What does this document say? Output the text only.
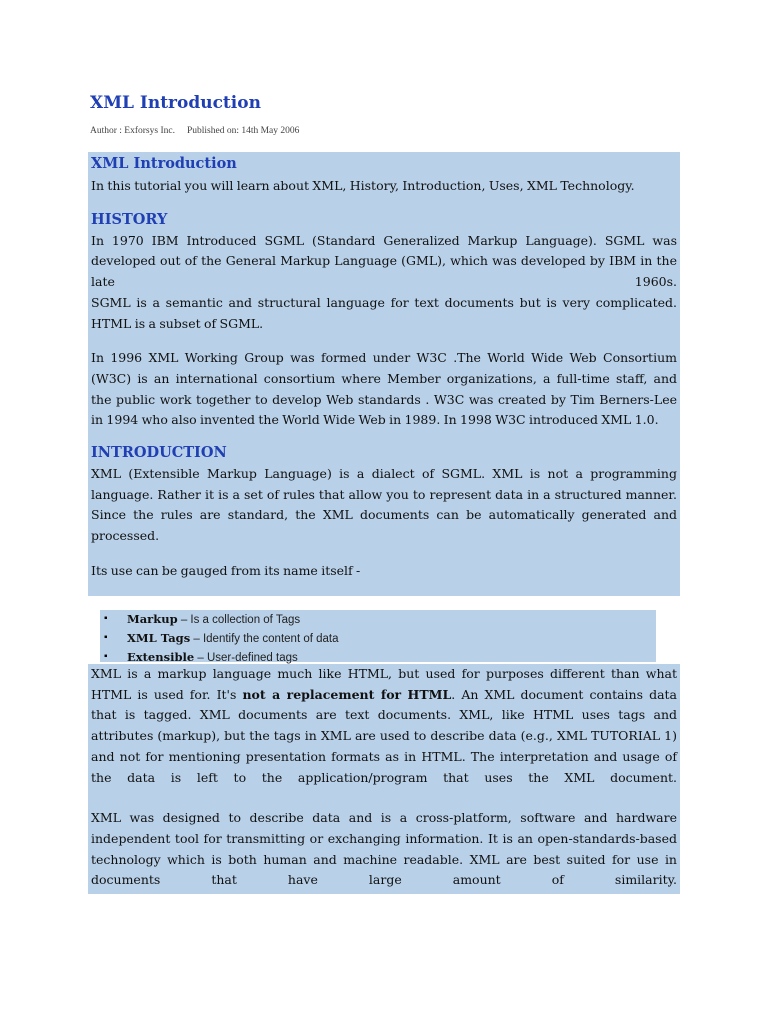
XML Introduction
Author : Exforsys Inc. Published on: 14th May 2006
XML Introduction

In this tutorial you will learn about XML, History, Introduction, Uses, XML Technology.

HISTORY

In 1970 IBM Introduced SGML (Standard Generalized Markup Language). SGML was
developed out of the General Markup Language (GML), which was developed by IBM in the
late 1960s.
SGML is a semantic and structural language for text documents but is very complicated.
HTML is a subset of SGML.

In 1996 XML Working Group was formed under W3C .The World Wide Web Consortium
(W3C) is an international consortium where Member organizations, a full-time staff, and
the public work together to develop Web standards . W3C was created by Tim Berners-Lee
in 1994 who also invented the World Wide Web in 1989. In 1998 W3C introduced XML 1.0.

INTRODUCTION

XML (Extensible Markup Language) is a dialect of SGML. XML is not a programming
language. Rather it is a set of rules that allow you to represent data in a structured manner.
Since the rules are standard, the XML documents can be automatically generated and
processed.

Its use can be gauged from its name itself -

▪ Markup – Is a collection of Tags
▪ XML Tags – Identify the content of data
▪ Extensible – User-defined tags

XML is a markup language much like HTML, but used for purposes different than what
HTML is used for. It's not a replacement for HTML. An XML document contains data
that is tagged. XML documents are text documents. XML, like HTML uses tags and
attributes (markup), but the tags in XML are used to describe data (e.g., XML TUTORIAL 1)
and not for mentioning presentation formats as in HTML. The interpretation and usage of
the data is left to the application/program that uses the XML document.

XML was designed to describe data and is a cross-platform, software and hardware
independent tool for transmitting or exchanging information. It is an open-standards-based
technology which is both human and machine readable. XML are best suited for use in
documents that have large amount of similarity.
